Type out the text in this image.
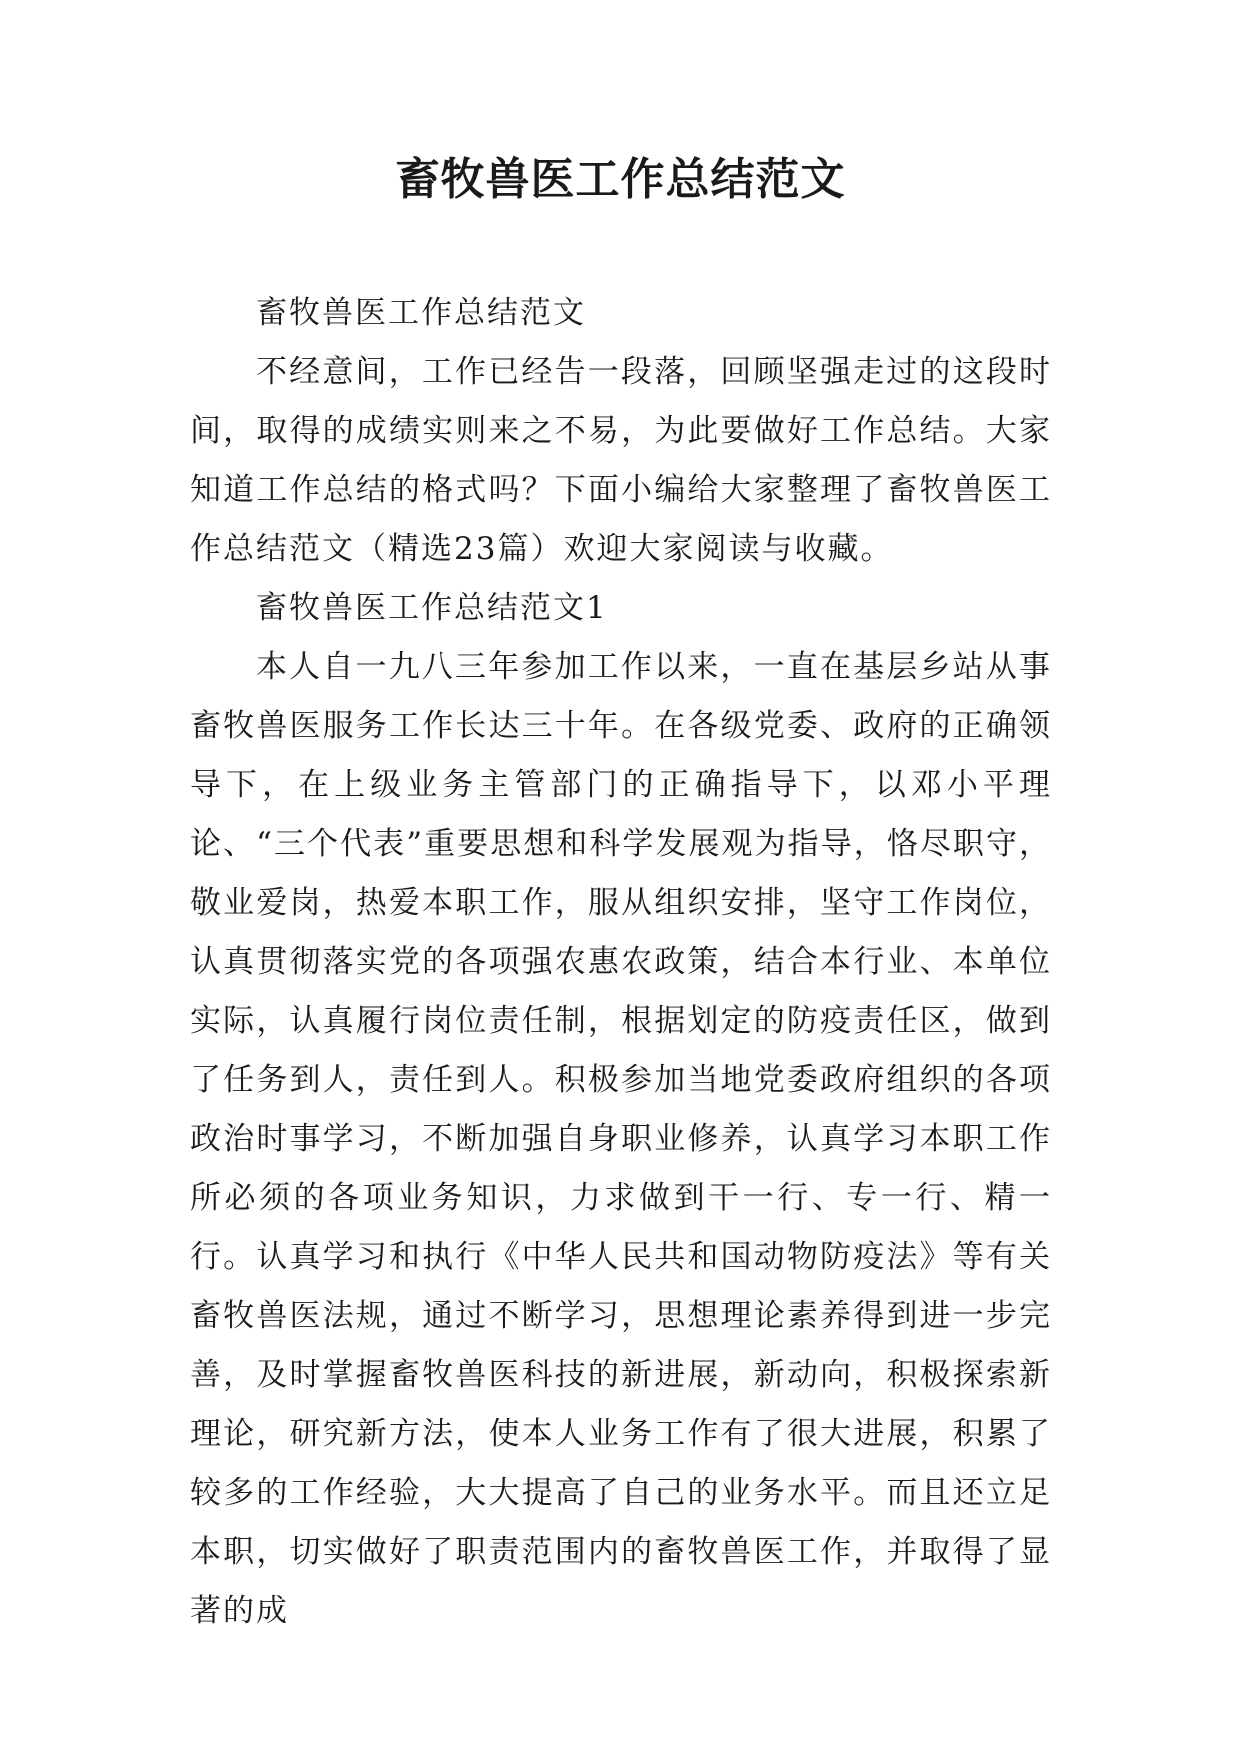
畜牧兽医工作总结范文

畜牧兽医工作总结范文

不经意间，工作已经告一段落，回顾坚强走过的这段时间，取得的成绩实则来之不易，为此要做好工作总结。大家知道工作总结的格式吗？下面小编给大家整理了畜牧兽医工作总结范文（精选23篇）欢迎大家阅读与收藏。

畜牧兽医工作总结范文1

本人自一九八三年参加工作以来，一直在基层乡站从事畜牧兽医服务工作长达三十年。在各级党委、政府的正确领导下，在上级业务主管部门的正确指导下，以邓小平理论、“三个代表”重要思想和科学发展观为指导，恪尽职守，敬业爱岗，热爱本职工作，服从组织安排，坚守工作岗位，认真贯彻落实党的各项强农惠农政策，结合本行业、本单位实际，认真履行岗位责任制，根据划定的防疫责任区，做到了任务到人，责任到人。积极参加当地党委政府组织的各项政治时事学习，不断加强自身职业修养，认真学习本职工作所必须的各项业务知识，力求做到干一行、专一行、精一行。认真学习和执行《中华人民共和国动物防疫法》等有关畜牧兽医法规，通过不断学习，思想理论素养得到进一步完善，及时掌握畜牧兽医科技的新进展，新动向，积极探索新理论，研究新方法，使本人业务工作有了很大进展，积累了较多的工作经验，大大提高了自己的业务水平。而且还立足本职，切实做好了职责范围内的畜牧兽医工作，并取得了显著的成
